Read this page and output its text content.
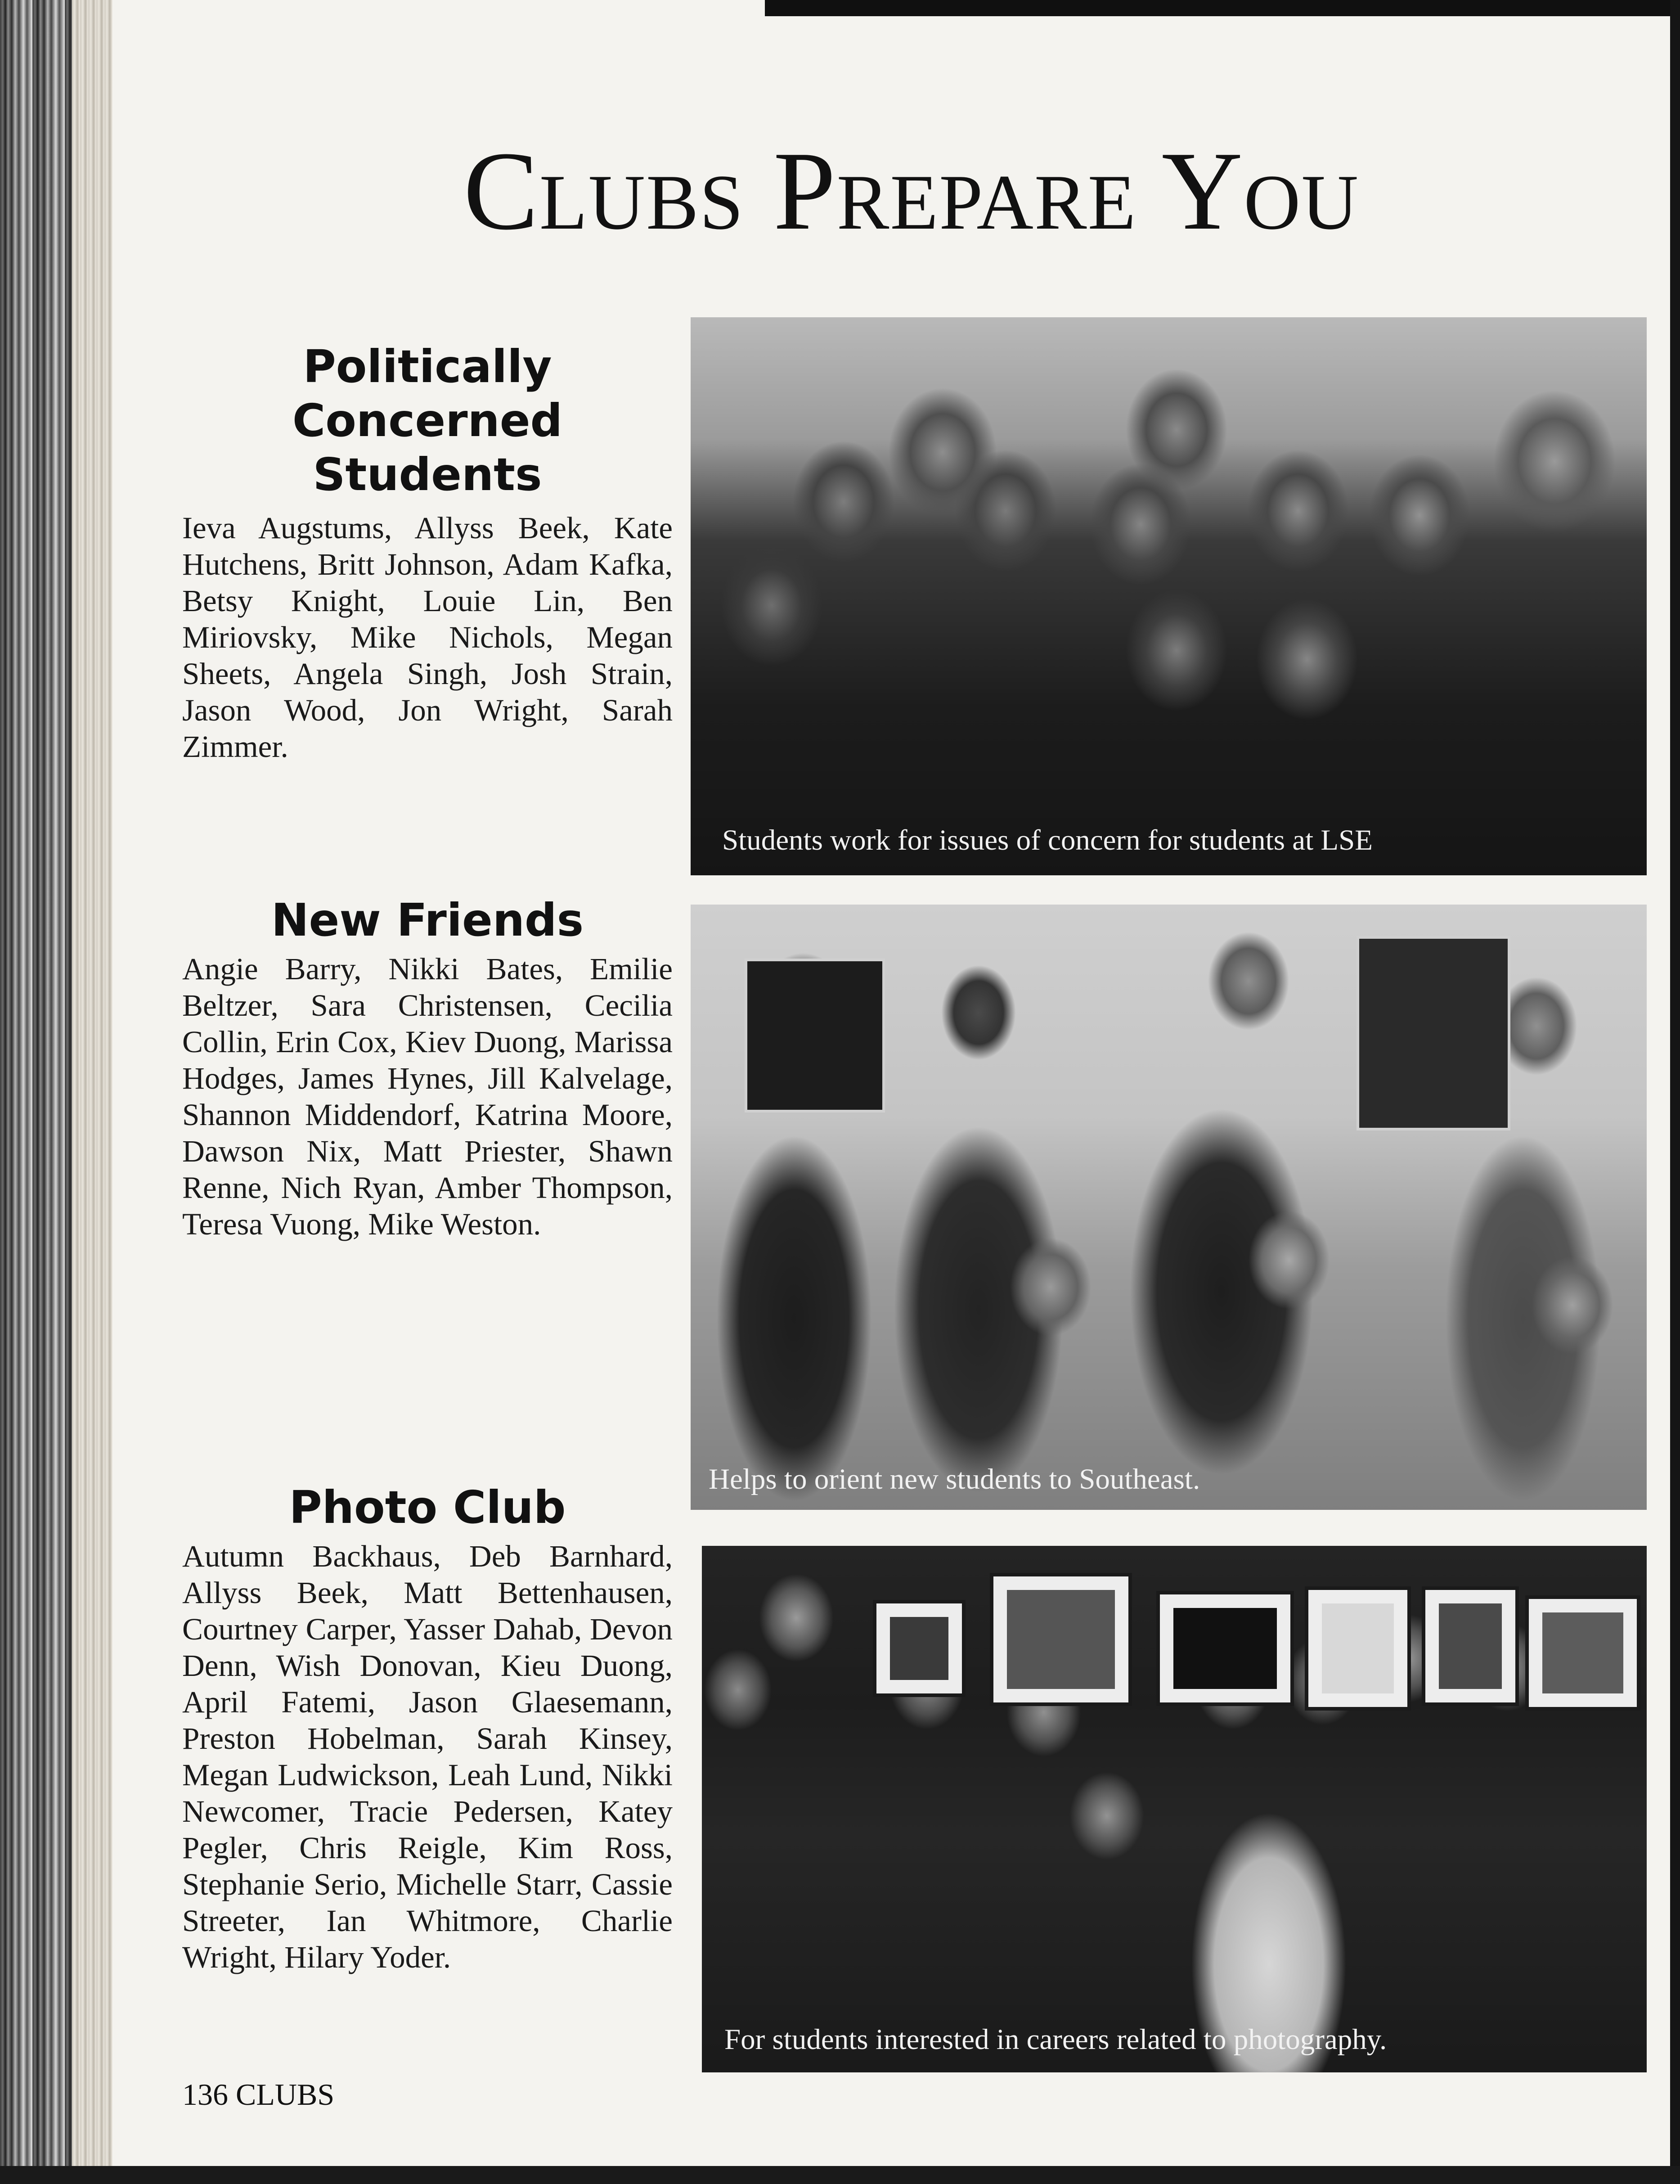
Clubs Prepare You
Politically Concerned Students

Ieva Augstums, Allyss Beek, Kate Hutchens, Britt Johnson, Adam Kafka, Betsy Knight, Louie Lin, Ben Miriovsky, Mike Nichols, Megan Sheets, Angela Singh, Josh Strain, Jason Wood, Jon Wright, Sarah Zimmer.

New Friends

Angie Barry, Nikki Bates, Emilie Beltzer, Sara Christensen, Cecilia Collin, Erin Cox, Kiev Duong, Marissa Hodges, James Hynes, Jill Kalvelage, Shannon Middendorf, Katrina Moore, Dawson Nix, Matt Priester, Shawn Renne, Nich Ryan, Amber Thompson, Teresa Vuong, Mike Weston.

Photo Club

Autumn Backhaus, Deb Barnhard, Allyss Beek, Matt Bettenhausen, Courtney Carper, Yasser Dahab, Devon Denn, Wish Donovan, Kieu Duong, April Fatemi, Jason Glaesemann, Preston Hobelman, Sarah Kinsey, Megan Ludwickson, Leah Lund, Nikki Newcomer, Tracie Pedersen, Katey Pegler, Chris Reigle, Kim Ross, Stephanie Serio, Michelle Starr, Cassie Streeter, Ian Whitmore, Charlie Wright, Hilary Yoder.

Students work for issues of concern for students at LSE
Helps to orient new students to Southeast.
For students interested in careers related to photography.
136 CLUBS
